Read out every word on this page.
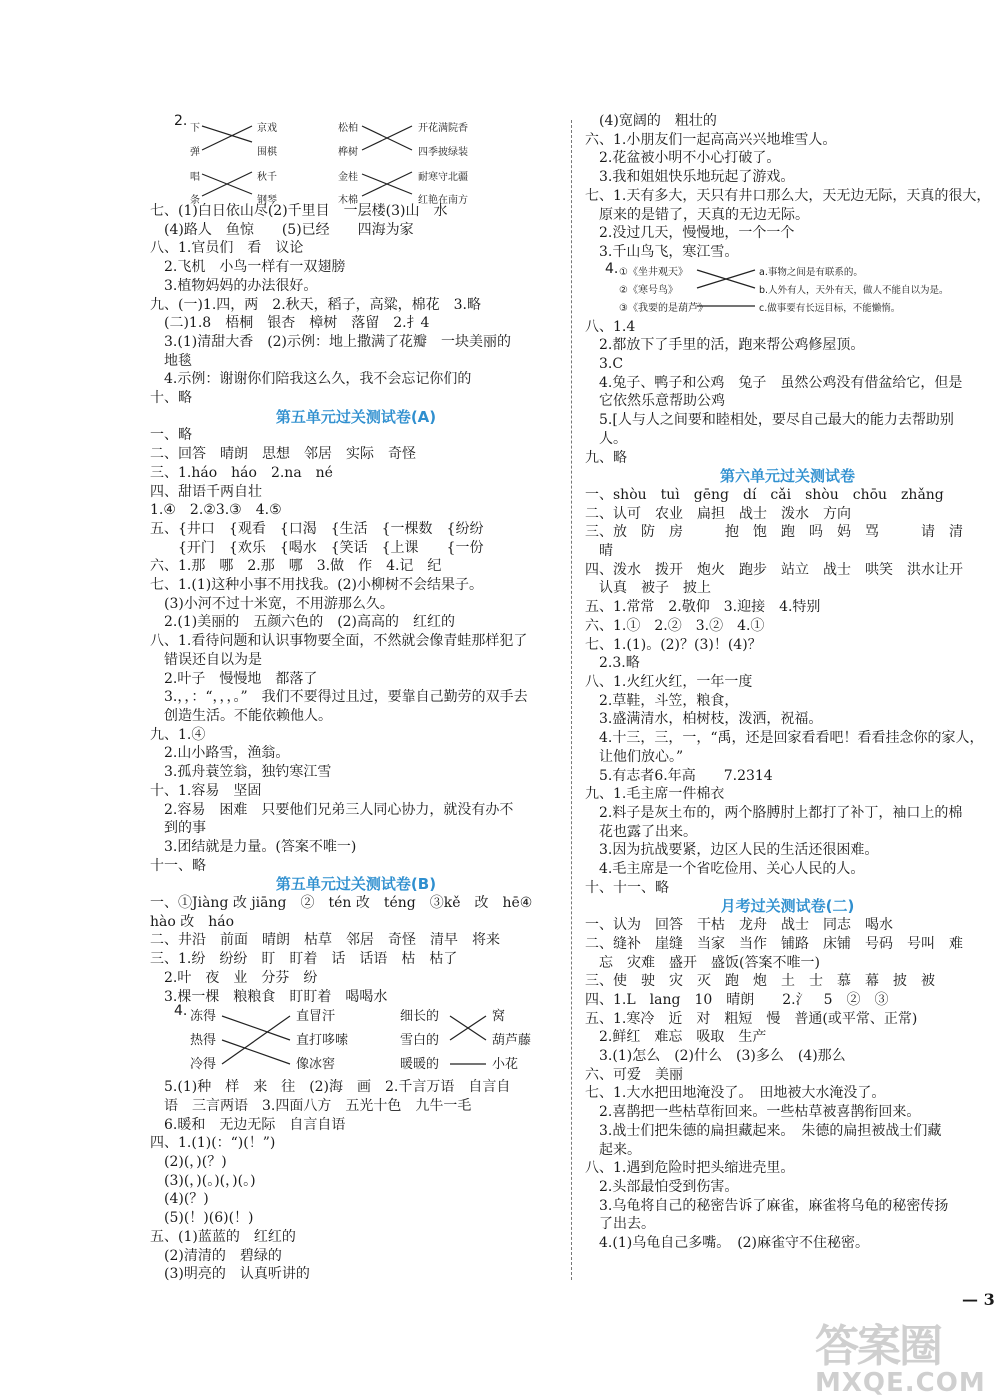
2. 下
弹
唱
条
京戏
围棋
秋千
钢琴
松柏
桦树
金桂
木棉
开花满院香
四季披绿装
耐寒守北疆
红艳在南方
七、(1)白日依山尽(2)千里目　一层楼(3)山　水
　(4)路人　鱼惊　　(5)已经　　四海为家
八、1.官员们　看　议论
　2.飞机　小鸟一样有一双翅膀
　3.植物妈妈的办法很好。
九、(一)1.四，两　2.秋天，稻子，高粱，棉花　3.略
　(二)1.8　梧桐　银杏　樟树　落留　2.扌4
　3.(1)清甜大香　(2)示例：地上撒满了花瓣　一块美丽的
　地毯
　4.示例：谢谢你们陪我这么久，我不会忘记你们的
十、略
第五单元过关测试卷(A)
一、略
二、回答　晴朗　思想　邻居　实际　奇怪
三、1.háo　háo　2.na　né
四、甜语千两自壮
1.④　2.②3.③　4.⑤
五、{井口　{观看　{口渴　{生活　{一棵数　{纷纷
　　{开门　{欢乐　{喝水　{笑话　{上课　　{一份
六、1.那　哪　2.那　哪　3.做　作　4.记　纪
七、1.(1)这种小事不用找我。(2)小柳树不会结果子。
　(3)小河不过十米宽，不用游那么久。
　2.(1)美丽的　五颜六色的　(2)高高的　红红的
八、1.看待问题和认识事物要全面，不然就会像青蛙那样犯了
　错误还自以为是
　2.叶子　慢慢地　都落了
　3.，，：“，，，。”　我们不要得过且过，要靠自己勤劳的双手去
　创造生活。不能依赖他人。
九、1.④
　2.山小路雪，渔翁。
　3.孤舟蓑笠翁，独钓寒江雪
十、1.容易　坚固
　2.容易　困难　只要他们兄弟三人同心协力，就没有办不
　到的事
　3.团结就是力量。(答案不唯一)
十一、略
第五单元过关测试卷(B)
一、①Jiàng 改 jiāng　②　tén 改　téng　③kě　改　hē④
hào 改　háo
二、井沿　前面　晴朗　枯草　邻居　奇怪　清早　将来
三、1.纷　纷纷　盯　盯着　话　话语　枯　枯了
　2.叶　夜　业　分芬　纷
　3.棵一棵　粮粮食　盯盯着　喝喝水
4. 冻得
热得
冷得
直冒汗
直打哆嗦
像冰窖
细长的
雪白的
暖暖的
窝
葫芦藤
小花
　5.(1)种　样　来　往　(2)海　画　2.千言万语　自言自
　语　三言两语　3.四面八方　五光十色　九牛一毛
　6.暖和　无边无际　自言自语
四、1.(1)(：“)(！”)
　(2)(，)(？)
　(3)(，)(。)(，)(。)
　(4)(？)
　(5)(！)(6)(！)
五、(1)蓝蓝的　红红的
　(2)清清的　碧绿的
　(3)明亮的　认真听讲的
　(4)宽阔的　粗壮的
六、1.小朋友们一起高高兴兴地堆雪人。
　2.花盆被小明不小心打破了。
　3.我和姐姐快乐地玩起了游戏。
七、1.天有多大，天只有井口那么大，天无边无际，天真的很大，
　原来的是错了，天真的无边无际。
　2.没过几天，慢慢地，一个一个
　3.千山鸟飞，寒江雪。
4. ①《坐井观天》
②《寒号鸟》
③《我要的是葫芦》
a.事物之间是有联系的。
b.人外有人，天外有天，做人不能自以为是。
c.做事要有长远目标，不能懒惰。
八、1.4
　2.都放下了手里的活，跑来帮公鸡修屋顶。
　3.C
　4.兔子、鸭子和公鸡　兔子　虽然公鸡没有借盆给它，但是
　它依然乐意帮助公鸡
　5.[人与人之间要和睦相处，要尽自己最大的能力去帮助别
　人。
九、略
第六单元过关测试卷
一、shòu　tuì　gēng　dí　cǎi　shòu　chōu　zhǎng
二、认可　农业　扁担　战士　泼水　方向
三、放　防　房　　　抱　饱　跑　吗　妈　骂　　　请　清
　晴
四、泼水　拨开　炮火　跑步　站立　战士　哄笑　洪水让开
　认真　被子　披上
五、1.常常　2.敬仰　3.迎接　4.特别
六、1.①　2.②　3.②　4.①
七、1.(1)。(2)？(3)！(4)？
　2.3.略
八、1.火红火红，一年一度
　2.草鞋，斗笠，粮食，
　3.盛满清水，柏树枝，泼洒，祝福。
　4.十三，三，一，“禹，还是回家看看吧！看看挂念你的家人，
　让他们放心。”
　5.有志者6.年高　　7.2314
九、1.毛主席一件棉衣
　2.料子是灰土布的，两个胳膊肘上都打了补丁，袖口上的棉
　花也露了出来。
　3.因为抗战要紧，边区人民的生活还很困难。
　4.毛主席是一个省吃俭用、关心人民的人。
十、十一、略
月考过关测试卷(二)
一、认为　回答　干枯　龙舟　战士　同志　喝水
二、缝补　崖缝　当家　当作　铺路　床铺　号码　号叫　难
　忘　灾难　盛开　盛饭(答案不唯一)
三、使　驶　灾　灭　跑　炮　土　士　慕　幕　披　被
四、1.L　lang　10　晴朗　　2.氵　5　②　③
五、1.寒冷　近　对　粗短　慢　普通(或平常、正常)
　2.鲜红　难忘　吸取　生产
　3.(1)怎么　(2)什么　(3)多么　(4)那么
六、可爱　美丽
七、1.大水把田地淹没了。　田地被大水淹没了。
　2.喜鹊把一些枯草衔回来。一些枯草被喜鹊衔回来。
　3.战士们把朱德的扁担藏起来。　朱德的扁担被战士们藏
　起来。
八、1.遇到危险时把头缩进壳里。
　2.头部最怕受到伤害。
　3.乌龟将自己的秘密告诉了麻雀，麻雀将乌龟的秘密传扬
　了出去。
　4.(1)乌龟自己多嘴。　(2)麻雀守不住秘密。
— 3
答案圈
MXQE.COM
